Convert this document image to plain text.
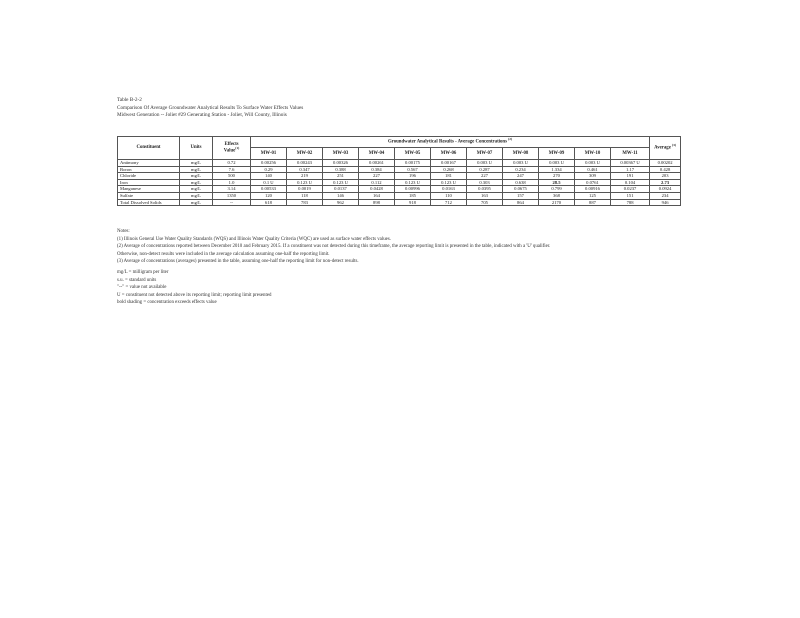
Table B-2-2
Comparison Of Average Groundwater Analytical Results To Surface Water Effects Values
Midwest Generation -- Joliet #29 Generating Station - Joliet, Will County, Illinois
Constituent	Units	Effects
Value$^{(1)}$	Groundwater Analytical Results - Average Concentrations $^{(2)}$											Average $^{(3)}$
			MW-01	MW-02	MW-03	MW-04	MW-05	MW-06	MW-07	MW-08	MW-09	MW-10	MW-11	
Antimony	mg/L	0.72	0.00256	0.00243	0.00326	0.00261	0.00175	0.00167	0.003 U	0.003 U	0.003 U	0.003 U	0.00367 U	0.00202
Boron	mg/L	7.6	0.29	0.347	0.388	0.384	0.567	0.268	0.287	0.234	1.334	0.461	1.17	0.428
Chloride	mg/L	500	140	219	251	227	196	181	227	247	270	309	191	203
Iron	mg/L	1.0	0.1 U	0.123 U	0.123 U	0.112	0.123 U	0.123 U	0.303	0.638	28.5	0.0761	0.104	2.73
Manganese	mg/L	3.14	0.00533	0.0019	0.0137	0.0428	0.00996	0.0163	0.0395	0.0675	0.799	0.00916	0.0237	0.0924
Sulfate	mg/L	1350	120	118	146	164	185	110	163	157	368	125	151	234
Total Dissolved Solids	mg/L	--	618	783	962	898	918	712	705	864	2170	887	788	946
Notes:
(1) Illinois General Use Water Quality Standards (WQS) and Illinois Water Quality Criteria (WQC) are used as surface water effects values.
(2) Average of concentrations reported between December 2010 and February 2015. If a constituent was not detected during this timeframe, the average reporting limit is presented in the table, indicated with a 'U' qualifier.
Otherwise, non-detect results were included in the average calculation assuming one-half the reporting limit.
(3) Average of concentrations (averages) presented in the table, assuming one-half the reporting limit for non-detect results.
mg/L = milligram per liter
s.u. = standard units
"--" = value not available
U = constituent not detected above its reporting limit; reporting limit presented
bold shading = concentration exceeds effects value
